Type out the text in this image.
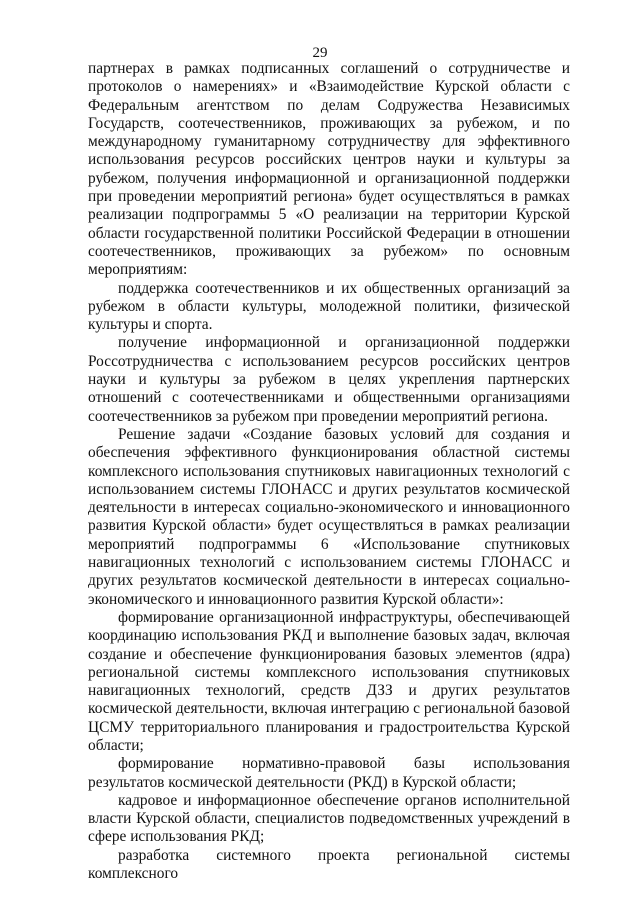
29

партнерах в рамках подписанных соглашений о сотрудничестве и протоколов о намерениях» и «Взаимодействие Курской области с Федеральным агентством по делам Содружества Независимых Государств, соотечественников, проживающих за рубежом, и по международному гуманитарному сотрудничеству для эффективного использования ресурсов российских центров науки и культуры за рубежом, получения информационной и организационной поддержки при проведении мероприятий региона» будет осуществляться в рамках реализации подпрограммы 5 «О реализации на территории Курской области государственной политики Российской Федерации в отношении соотечественников, проживающих за рубежом» по основным мероприятиям:

поддержка соотечественников и их общественных организаций за рубежом в области культуры, молодежной политики, физической культуры и спорта.

получение информационной и организационной поддержки Россотрудничества с использованием ресурсов российских центров науки и культуры за рубежом в целях укрепления партнерских отношений с соотечественниками и общественными организациями соотечественников за рубежом при проведении мероприятий региона.

Решение задачи «Создание базовых условий для создания и обеспечения эффективного функционирования областной системы комплексного использования спутниковых навигационных технологий с использованием системы ГЛОНАСС и других результатов космической деятельности в интересах социально-экономического и инновационного развития Курской области» будет осуществляться в рамках реализации мероприятий подпрограммы 6 «Использование спутниковых навигационных технологий с использованием системы ГЛОНАСС и других результатов космической деятельности в интересах социально-экономического и инновационного развития Курской области»:

формирование организационной инфраструктуры, обеспечивающей координацию использования РКД и выполнение базовых задач, включая создание и обеспечение функционирования базовых элементов (ядра) региональной системы комплексного использования спутниковых навигационных технологий, средств ДЗЗ и других результатов космической деятельности, включая интеграцию с региональной базовой ЦСМУ территориального планирования и градостроительства Курской области;

формирование нормативно-правовой базы использования результатов космической деятельности (РКД) в Курской области;

кадровое и информационное обеспечение органов исполнительной власти Курской области, специалистов подведомственных учреждений в сфере использования РКД;

разработка системного проекта региональной системы комплексного
